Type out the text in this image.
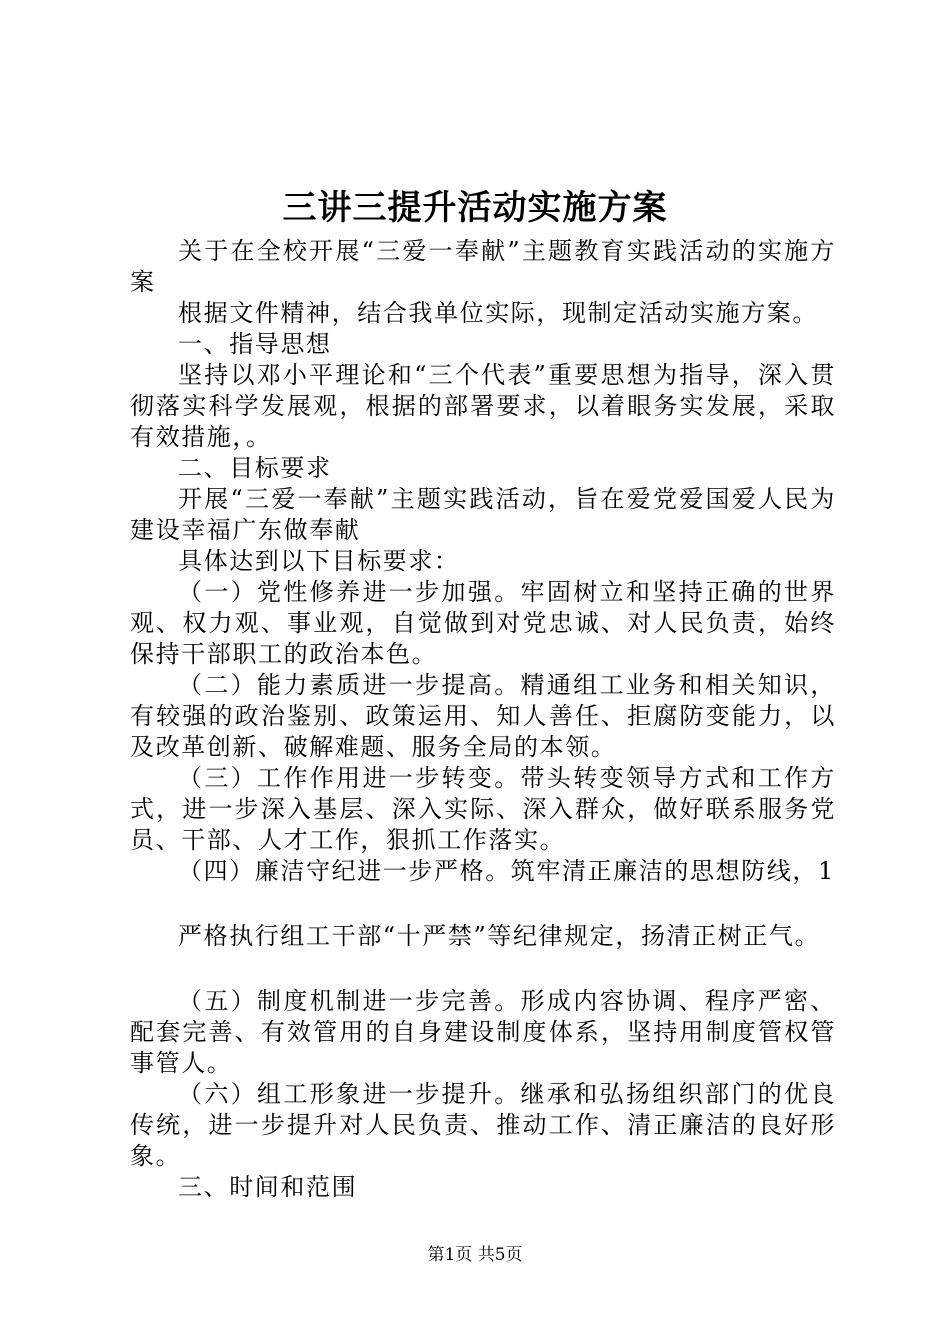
三讲三提升活动实施方案

关于在全校开展“三爱一奉献”主题教育实践活动的实施方案

根据文件精神，结合我单位实际，现制定活动实施方案。

一、指导思想

坚持以邓小平理论和“三个代表”重要思想为指导，深入贯彻落实科学发展观，根据的部署要求，以着眼务实发展，采取有效措施，。

二、目标要求

开展“三爱一奉献”主题实践活动，旨在爱党爱国爱人民为建设幸福广东做奉献

具体达到以下目标要求：

（一）党性修养进一步加强。牢固树立和坚持正确的世界观、权力观、事业观，自觉做到对党忠诚、对人民负责，始终保持干部职工的政治本色。

（二）能力素质进一步提高。精通组工业务和相关知识，有较强的政治鉴别、政策运用、知人善任、拒腐防变能力，以及改革创新、破解难题、服务全局的本领。

（三）工作作用进一步转变。带头转变领导方式和工作方式，进一步深入基层、深入实际、深入群众，做好联系服务党员、干部、人才工作，狠抓工作落实。

（四）廉洁守纪进一步严格。筑牢清正廉洁的思想防线，1

严格执行组工干部“十严禁”等纪律规定，扬清正树正气。

（五）制度机制进一步完善。形成内容协调、程序严密、配套完善、有效管用的自身建设制度体系，坚持用制度管权管事管人。

（六）组工形象进一步提升。继承和弘扬组织部门的优良传统，进一步提升对人民负责、推动工作、清正廉洁的良好形象。

三、时间和范围

第1页 共5页
